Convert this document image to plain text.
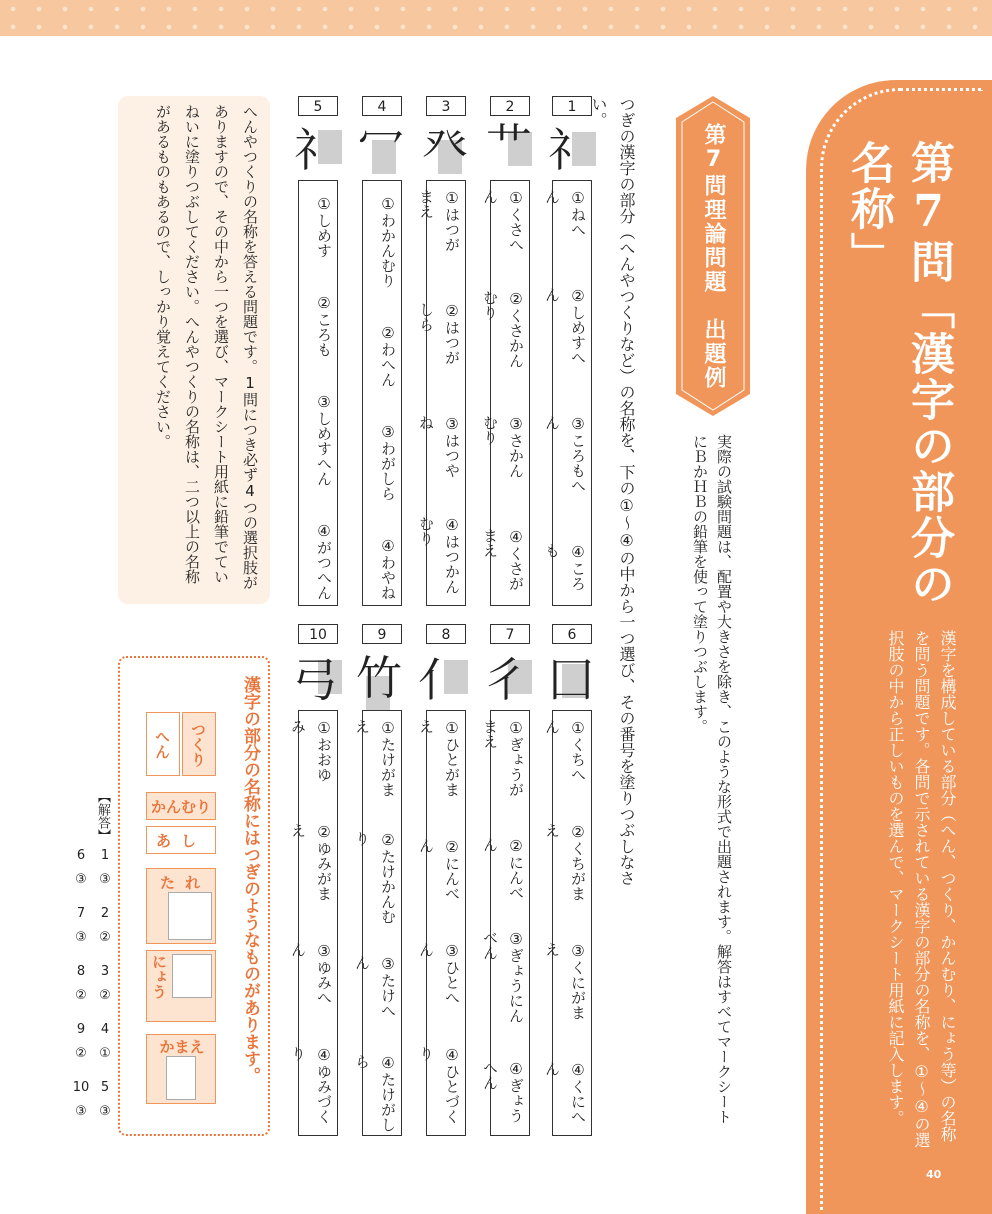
第7問「漢字の部分の名称」
漢字を構成している部分（へん、つくり、かんむり、にょう等）の名称を問う問題です。各問で示されている漢字の部分の名称を、①～④の選択肢の中から正しいものを選んで、マークシート用紙に記入します。
40
第7問理論問題　出題例
つぎの漢字の部分（へんやつくりなど）の名称を、下の①～④の中から一つ選び、その番号を塗りつぶしなさい。
実際の試験問題は、配置や大きさを除き、このような形式で出題されます。解答はすべてマークシートにＢかＨＢの鉛筆を使って塗りつぶします。
1
2
3
4
5
礻
艹
癶
冖
礻
①ねへん
②しめすへん
③ころもへん
④ころも
①くさへん
②くさかんむり
③さかんむり
④くさがまえ
①はつがまえ
②はつがしら
③はつやね
④はつかんむり
①わかんむり
②わへん
③わがしら
④わやね
①しめす
②ころも
③しめすへん
④がつへん
6
7
8
9
10
囗
彳
亻
竹
弓
①くちへん
②くちがまえ
③くにがまえ
④くにへん
①ぎょうがまえ
②にんべん
③ぎょうにんべん
④ぎょうへん
①ひとがまえ
②にんべん
③ひとへん
④ひとづくり
①たけがまえ
②たけかんむり
③たけへん
④たけがしら
①おおゆみ
②ゆみがまえ
③ゆみへん
④ゆみづくり
へんやつくりの名称を答える問題です。1問につき必ず4つの選択肢がありますので、その中から一つを選び、マークシート用紙に鉛筆でていねいに塗りつぶしてください。へんやつくりの名称は、二つ以上の名称があるものもあるので、しっかり覚えてください。
漢字の部分の名称にはつぎのようなものがあります。
つくり
へん
かんむり
あし
たれ
にょう
かまえ
【解答】
1
③
2
②
3
②
4
①
5
③
6
③
7
③
8
②
9
②
10
③
